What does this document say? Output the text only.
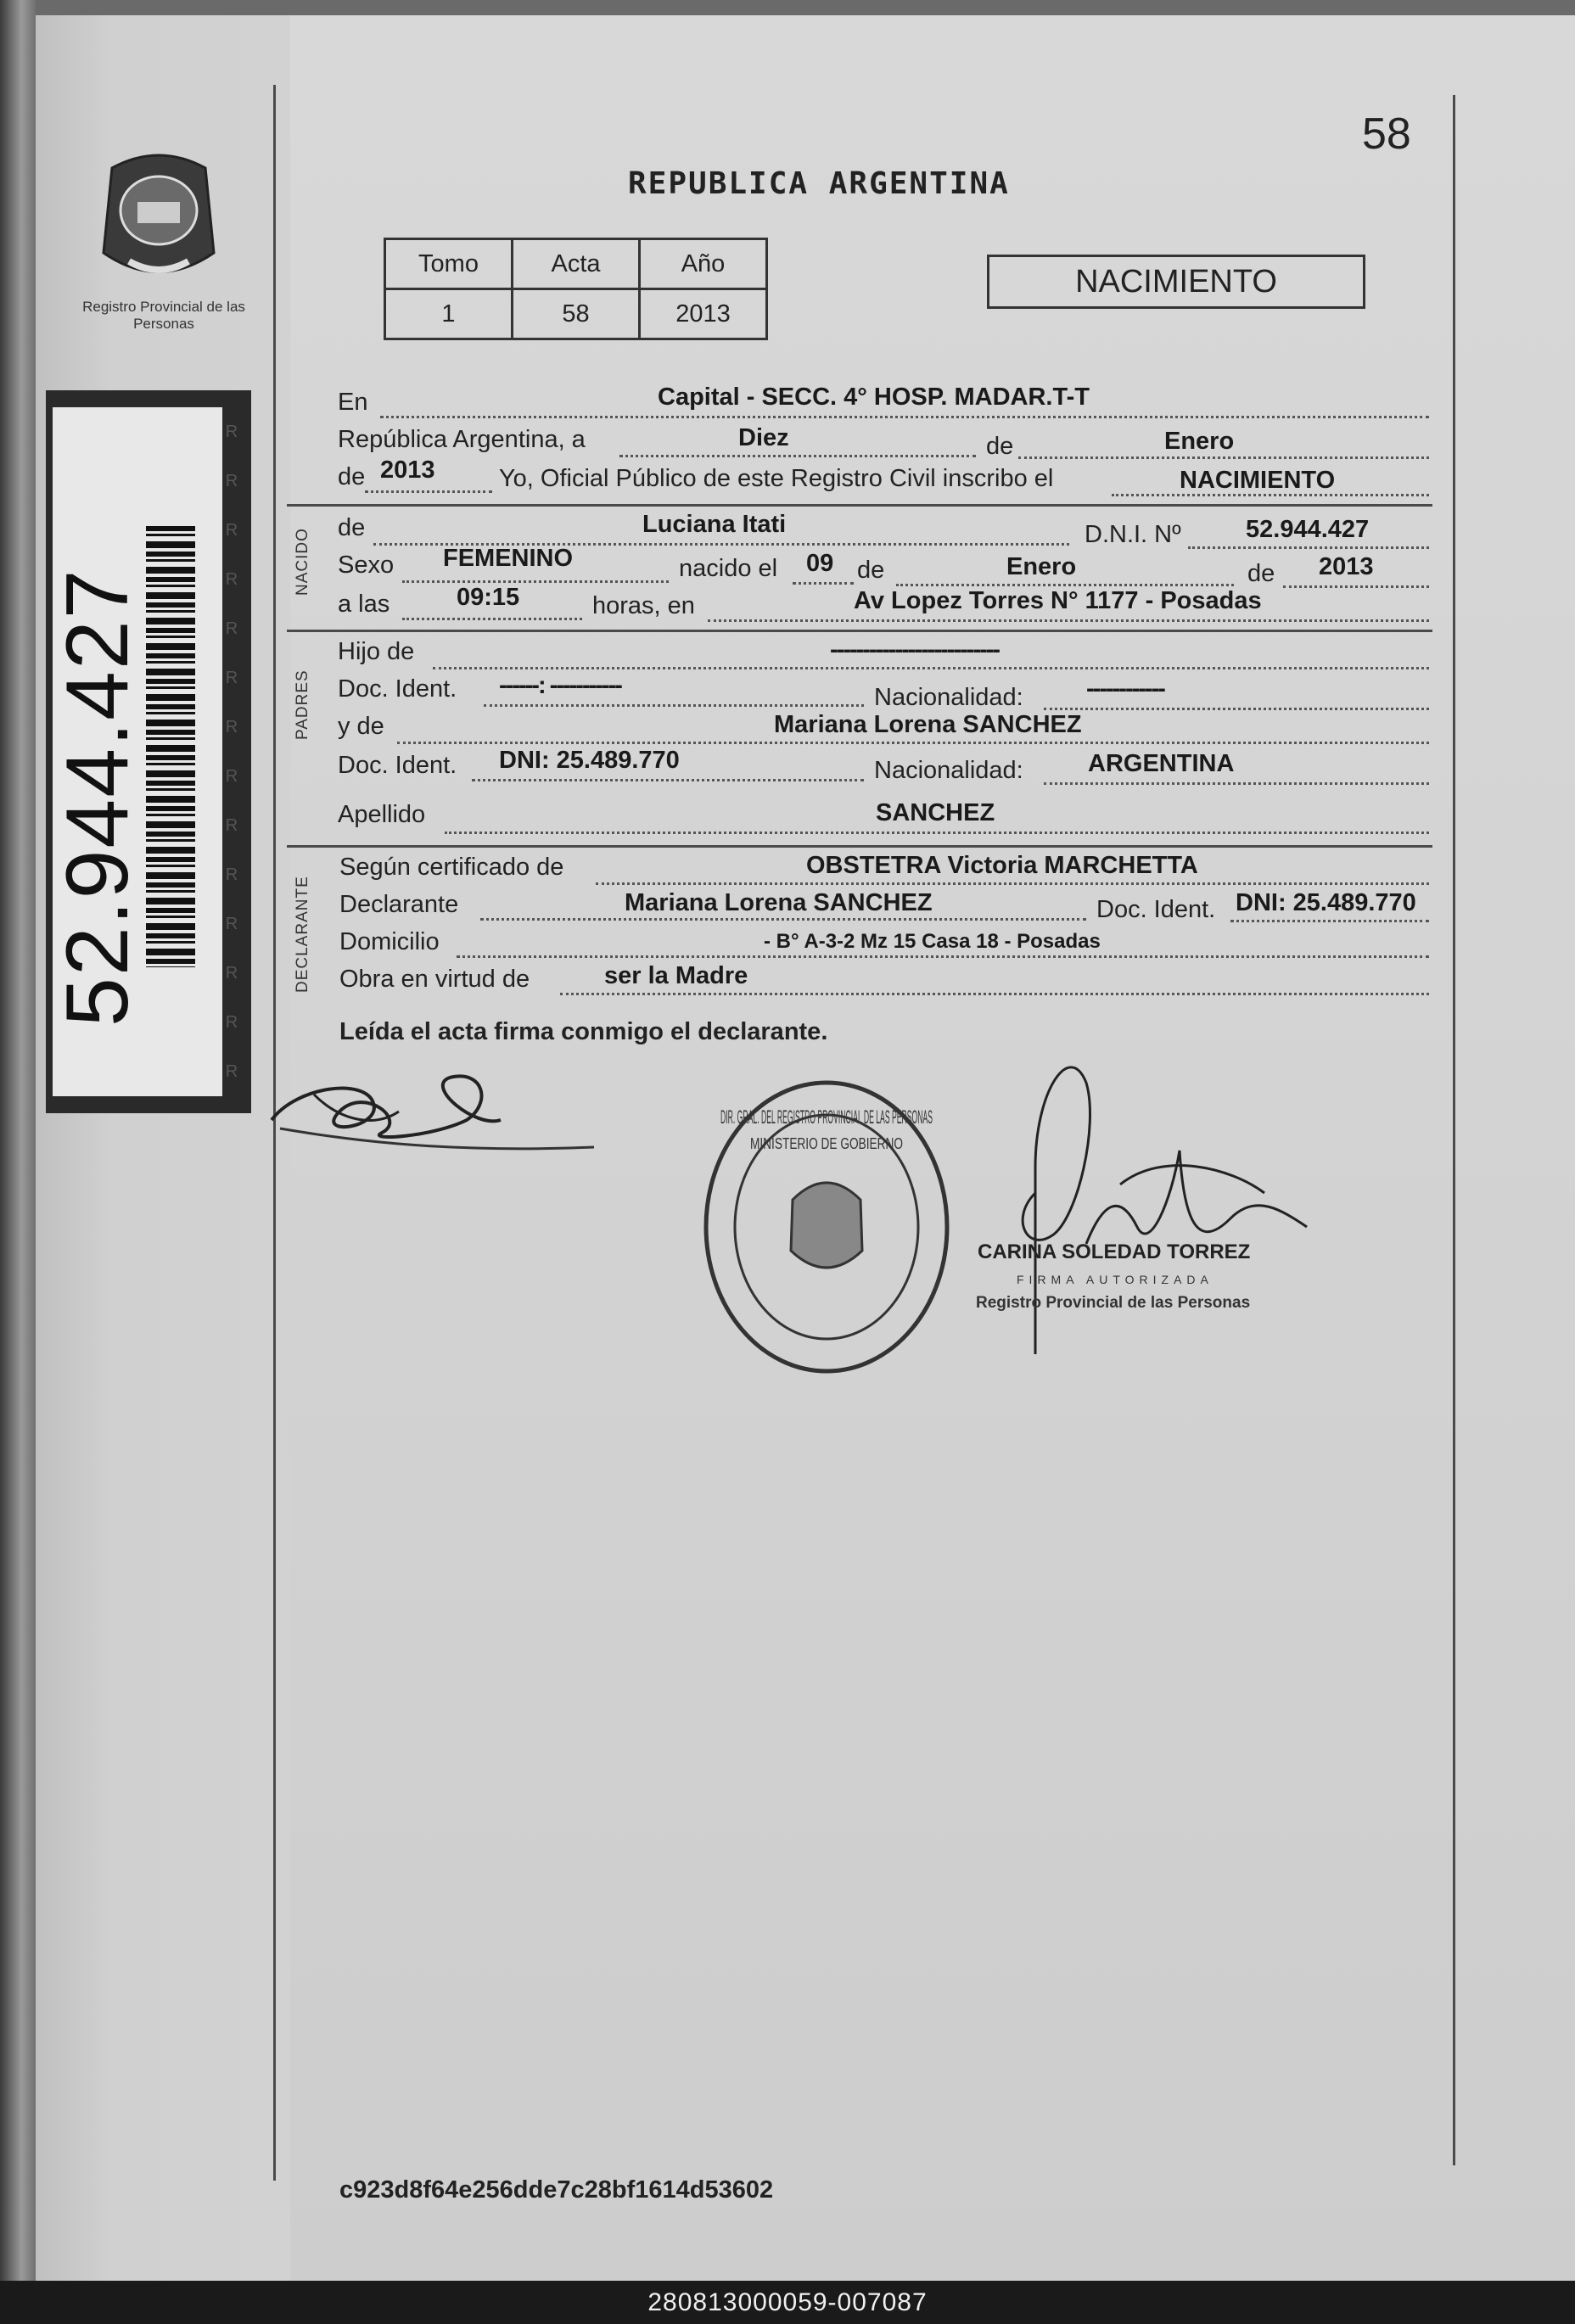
Registro Provincial de las Personas
52.944.427
58
REPUBLICA ARGENTINA
Tomo	Acta	Año
1	58	2013
NACIMIENTO
En	Capital - SECC. 4° HOSP. MADAR.T-T
República Argentina, a	Diez	de	Enero
de 2013	Yo, Oficial Público de este Registro Civil inscribo el	NACIMIENTO
NACIDO
de	Luciana Itati	D.N.I. Nº	52.944.427
Sexo FEMENINO	nacido el 09 de	Enero	de 2013
a las	09:15	horas, en	Av Lopez Torres N° 1177 - Posadas
PADRES
Hijo de	--------------------------
Doc. Ident. ------: -----------	Nacionalidad:	------------
y de	Mariana Lorena SANCHEZ
Doc. Ident. DNI: 25.489.770	Nacionalidad:	ARGENTINA
Apellido	SANCHEZ
DECLARANTE
Según certificado de	OBSTETRA Victoria MARCHETTA
Declarante	Mariana Lorena SANCHEZ	Doc. Ident. DNI: 25.489.770
Domicilio	- B° A-3-2 Mz 15 Casa 18 - Posadas
Obra en virtud de	ser la Madre
Leída el acta firma conmigo el declarante.
DIR. GRAL. DEL REGISTRO PROVINCIAL DE LAS PERSONAS
MINISTERIO DE GOBIERNO
CARINA SOLEDAD TORREZ
FIRMA AUTORIZADA
Registro Provincial de las Personas
c923d8f64e256dde7c28bf1614d53602
280813000059-007087
R
R
R
R
R
R
R
R
R
R
R
R
R
R
